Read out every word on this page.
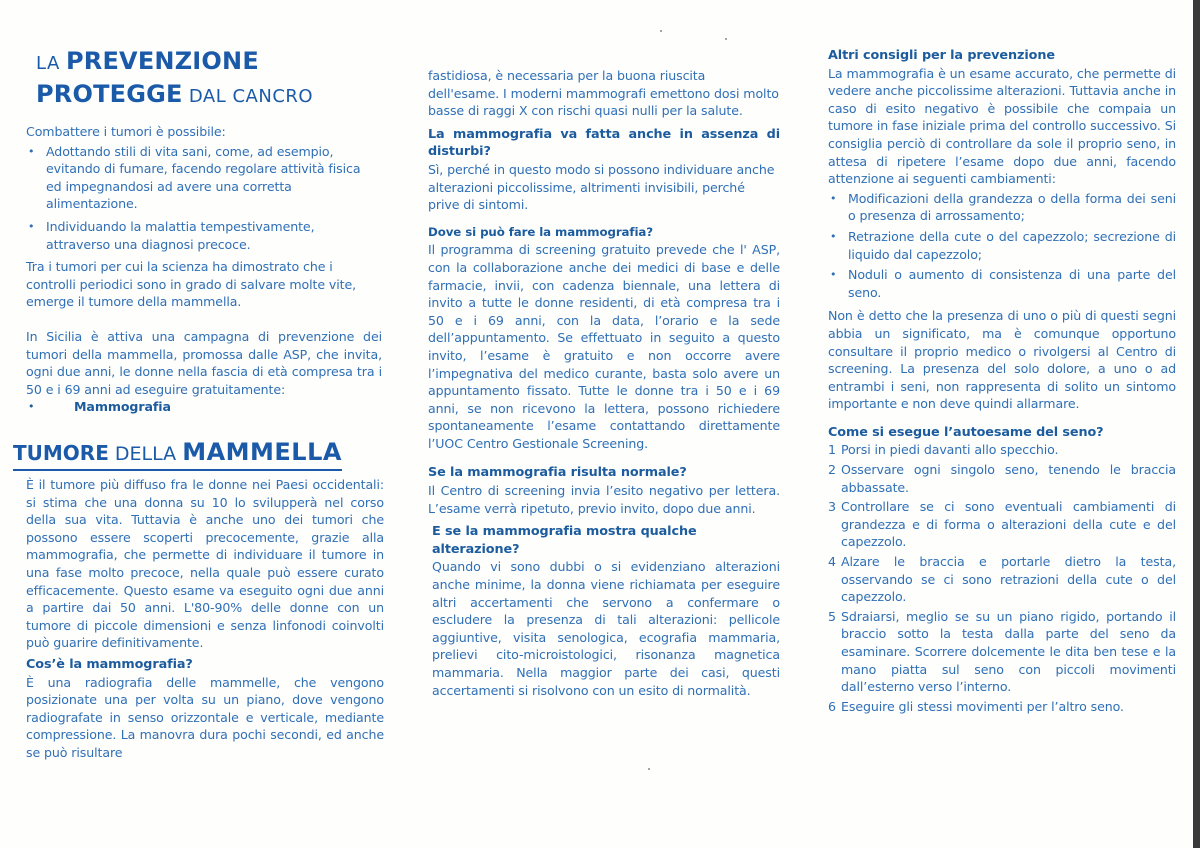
LA PREVENZIONE
PROTEGGE DAL CANCRO

Combattere i tumori è possibile:

• Adottando stili di vita sani, come, ad esempio, evitando di fumare, facendo regolare attività fisica ed impegnandosi ad avere una corretta alimentazione.
• Individuando la malattia tempestivamente, attraverso una diagnosi precoce.

Tra i tumori per cui la scienza ha dimostrato che i controlli periodici sono in grado di salvare molte vite, emerge il tumore della mammella.

In Sicilia è attiva una campagna di prevenzione dei tumori della mammella, promossa dalle ASP, che invita, ogni due anni, le donne nella fascia di età compresa tra i 50 e i 69 anni ad eseguire gratuitamente:

•	Mammografia
TUMORE DELLA MAMMELLA

È il tumore più diffuso fra le donne nei Paesi occidentali: si stima che una donna su 10 lo svilupperà nel corso della sua vita. Tuttavia è anche uno dei tumori che possono essere scoperti precocemente, grazie alla mammografia, che permette di individuare il tumore in una fase molto precoce, nella quale può essere curato efficacemente. Questo esame va eseguito ogni due anni a partire dai 50 anni. L'80-90% delle donne con un tumore di piccole dimensioni e senza linfonodi coinvolti può guarire definitivamente.

Cos’è la mammografia?

È una radiografia delle mammelle, che vengono posizionate una per volta su un piano, dove vengono radiografate in senso orizzontale e verticale, mediante compressione. La manovra dura pochi secondi, ed anche se può risultare

fastidiosa, è necessaria per la buona riuscita dell'esame. I moderni mammografi emettono dosi molto basse di raggi X con rischi quasi nulli per la salute.

La mammografia va fatta anche in assenza di disturbi?

Sì, perché in questo modo si possono individuare anche alterazioni piccolissime, altrimenti invisibili, perché prive di sintomi.

Dove si può fare la mammografia?

Il programma di screening gratuito prevede che l' ASP, con la collaborazione anche dei medici di base e delle farmacie, invii, con cadenza biennale, una lettera di invito a tutte le donne residenti, di età compresa tra i 50 e i 69 anni, con la data, l’orario e la sede dell’appuntamento. Se effettuato in seguito a questo invito, l’esame è gratuito e non occorre avere l’impegnativa del medico curante, basta solo avere un appuntamento fissato. Tutte le donne tra i 50 e i 69 anni, se non ricevono la lettera, possono richiedere spontaneamente l’esame contattando direttamente l’UOC Centro Gestionale Screening.

Se la mammografia risulta normale?

Il Centro di screening invia l’esito negativo per lettera. L’esame verrà ripetuto, previo invito, dopo due anni.

E se la mammografia mostra qualche alterazione?

Quando vi sono dubbi o si evidenziano alterazioni anche minime, la donna viene richiamata per eseguire altri accertamenti che servono a confermare o escludere la presenza di tali alterazioni: pellicole aggiuntive, visita senologica, ecografia mammaria, prelievi cito-microistologici, risonanza magnetica mammaria. Nella maggior parte dei casi, questi accertamenti si risolvono con un esito di normalità.

Altri consigli per la prevenzione

La mammografia è un esame accurato, che permette di vedere anche piccolissime alterazioni. Tuttavia anche in caso di esito negativo è possibile che compaia un tumore in fase iniziale prima del controllo successivo. Si consiglia perciò di controllare da sole il proprio seno, in attesa di ripetere l’esame dopo due anni, facendo attenzione ai seguenti cambiamenti:

• Modificazioni della grandezza o della forma dei seni o presenza di arrossamento;
• Retrazione della cute o del capezzolo; secrezione di liquido dal capezzolo;
• Noduli o aumento di consistenza di una parte del seno.

Non è detto che la presenza di uno o più di questi segni abbia un significato, ma è comunque opportuno consultare il proprio medico o rivolgersi al Centro di screening. La presenza del solo dolore, a uno o ad entrambi i seni, non rappresenta di solito un sintomo importante e non deve quindi allarmare.

Come si esegue l’autoesame del seno?

1 Porsi in piedi davanti allo specchio.
2 Osservare ogni singolo seno, tenendo le braccia abbassate.
3 Controllare se ci sono eventuali cambiamenti di grandezza e di forma o alterazioni della cute e del capezzolo.
4 Alzare le braccia e portarle dietro la testa, osservando se ci sono retrazioni della cute o del capezzolo.
5 Sdraiarsi, meglio se su un piano rigido, portando il braccio sotto la testa dalla parte del seno da esaminare. Scorrere dolcemente le dita ben tese e la mano piatta sul seno con piccoli movimenti dall’esterno verso l’interno.
6 Eseguire gli stessi movimenti per l’altro seno.
